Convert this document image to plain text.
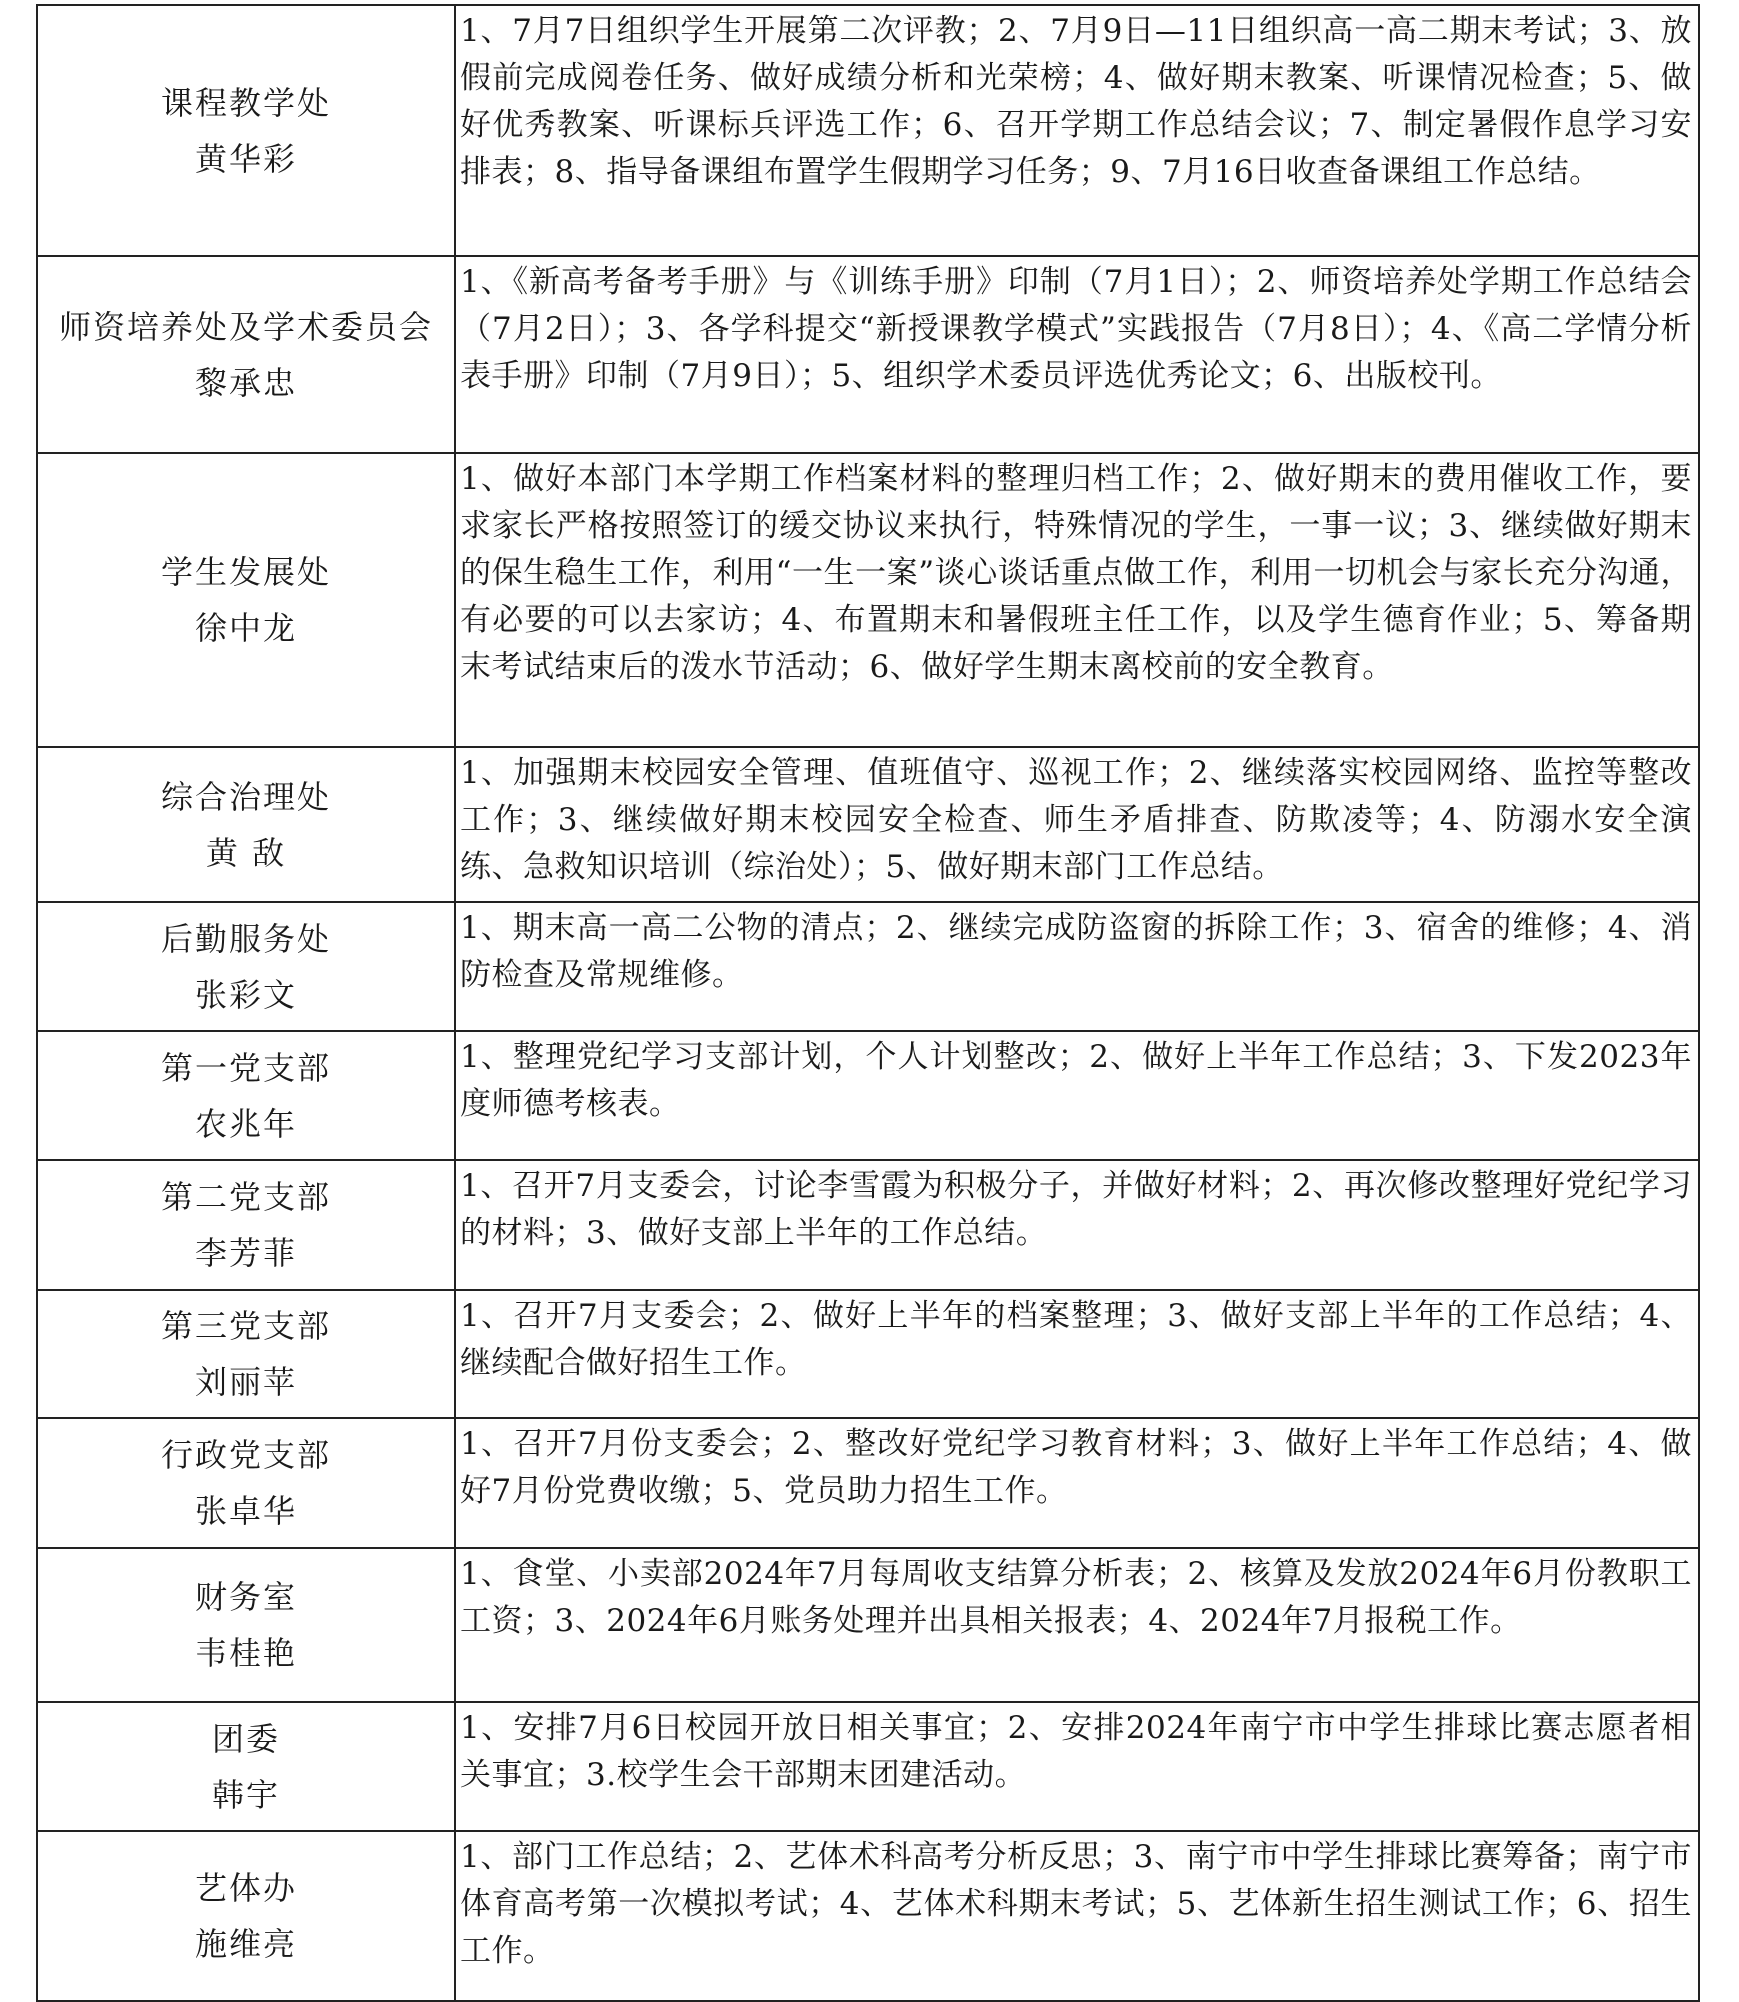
课程教学处
黄华彩	1、7月7日组织学生开展第二次评教；2、7月9日—11日组织高一高二期末考试；3、放假前完成阅卷任务、做好成绩分析和光荣榜；4、做好期末教案、听课情况检查；5、做好优秀教案、听课标兵评选工作；6、召开学期工作总结会议；7、制定暑假作息学习安排表；8、指导备课组布置学生假期学习任务；9、7月16日收查备课组工作总结。

师资培养处及学术委员会
黎承忠	1、《新高考备考手册》与《训练手册》印制（7月1日）；2、师资培养处学期工作总结会（7月2日）；3、各学科提交“新授课教学模式”实践报告（7月8日）；4、《高二学情分析表手册》印制（7月9日）；5、组织学术委员评选优秀论文；6、出版校刊。

学生发展处
徐中龙	1、做好本部门本学期工作档案材料的整理归档工作；2、做好期末的费用催收工作，要求家长严格按照签订的缓交协议来执行，特殊情况的学生，一事一议；3、继续做好期末的保生稳生工作，利用“一生一案”谈心谈话重点做工作，利用一切机会与家长充分沟通，有必要的可以去家访；4、布置期末和暑假班主任工作，以及学生德育作业；5、筹备期末考试结束后的泼水节活动；6、做好学生期末离校前的安全教育。

综合治理处
黄 敌	1、加强期末校园安全管理、值班值守、巡视工作；2、继续落实校园网络、监控等整改工作；3、继续做好期末校园安全检查、师生矛盾排查、防欺凌等；4、防溺水安全演练、急救知识培训（综治处）；5、做好期末部门工作总结。

后勤服务处
张彩文	1、期末高一高二公物的清点；2、继续完成防盗窗的拆除工作；3、宿舍的维修；4、消防检查及常规维修。

第一党支部
农兆年	1、整理党纪学习支部计划，个人计划整改；2、做好上半年工作总结；3、下发2023年度师德考核表。

第二党支部
李芳菲	1、召开7月支委会，讨论李雪霞为积极分子，并做好材料；2、再次修改整理好党纪学习的材料；3、做好支部上半年的工作总结。

第三党支部
刘丽苹	1、召开7月支委会；2、做好上半年的档案整理；3、做好支部上半年的工作总结；4、继续配合做好招生工作。

行政党支部
张卓华	1、召开7月份支委会；2、整改好党纪学习教育材料；3、做好上半年工作总结；4、做好7月份党费收缴；5、党员助力招生工作。

财务室
韦桂艳	1、食堂、小卖部2024年7月每周收支结算分析表；2、核算及发放2024年6月份教职工工资；3、2024年6月账务处理并出具相关报表；4、2024年7月报税工作。

团委
韩宇	1、安排7月6日校园开放日相关事宜；2、安排2024年南宁市中学生排球比赛志愿者相关事宜；3.校学生会干部期末团建活动。

艺体办
施维亮	1、部门工作总结；2、艺体术科高考分析反思；3、南宁市中学生排球比赛筹备；南宁市体育高考第一次模拟考试；4、艺体术科期末考试；5、艺体新生招生测试工作；6、招生工作。
